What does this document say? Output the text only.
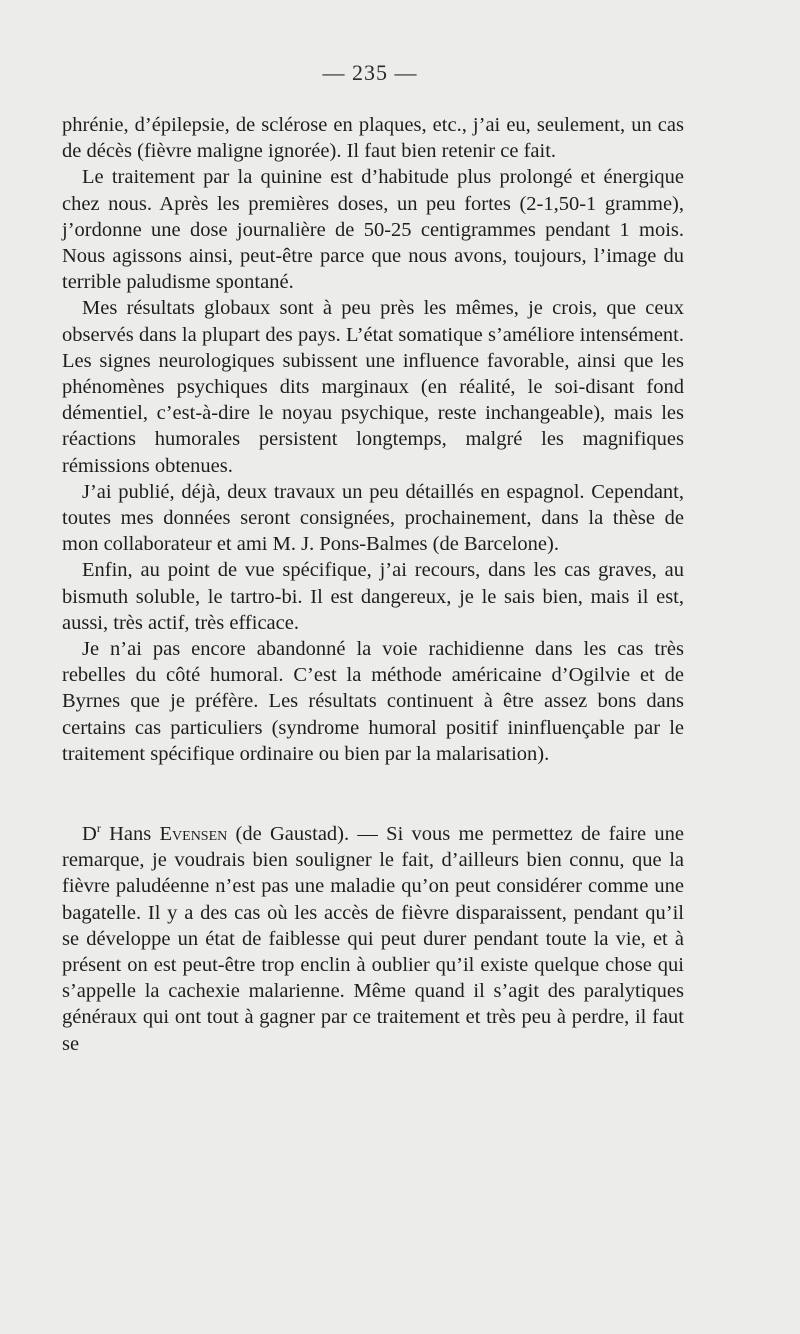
— 235 —

phrénie, d’épilepsie, de sclérose en plaques, etc., j’ai eu, seulement, un cas de décès (fièvre maligne ignorée). Il faut bien retenir ce fait.

Le traitement par la quinine est d’habitude plus prolongé et énergique chez nous. Après les premières doses, un peu fortes (2-1,50-1 gramme), j’ordonne une dose journalière de 50-25 centigrammes pendant 1 mois. Nous agissons ainsi, peut-être parce que nous avons, toujours, l’image du terrible paludisme spontané.

Mes résultats globaux sont à peu près les mêmes, je crois, que ceux observés dans la plupart des pays. L’état somatique s’améliore intensément. Les signes neurologiques subissent une influence favorable, ainsi que les phénomènes psychiques dits marginaux (en réalité, le soi-disant fond démentiel, c’est-à-dire le noyau psychique, reste inchangeable), mais les réactions humorales persistent longtemps, malgré les magnifiques rémissions obtenues.

J’ai publié, déjà, deux travaux un peu détaillés en espagnol. Cependant, toutes mes données seront consignées, prochainement, dans la thèse de mon collaborateur et ami M. J. Pons-Balmes (de Barcelone).

Enfin, au point de vue spécifique, j’ai recours, dans les cas graves, au bismuth soluble, le tartro-bi. Il est dangereux, je le sais bien, mais il est, aussi, très actif, très efficace.

Je n’ai pas encore abandonné la voie rachidienne dans les cas très rebelles du côté humoral. C’est la méthode américaine d’Ogilvie et de Byrnes que je préfère. Les résultats continuent à être assez bons dans certains cas particuliers (syndrome humoral positif ininfluençable par le traitement spécifique ordinaire ou bien par la malarisation).

$D^r$ Hans Evensen (de Gaustad). — Si vous me permettez de faire une remarque, je voudrais bien souligner le fait, d’ailleurs bien connu, que la fièvre paludéenne n’est pas une maladie qu’on peut considérer comme une bagatelle. Il y a des cas où les accès de fièvre disparaissent, pendant qu’il se développe un état de faiblesse qui peut durer pendant toute la vie, et à présent on est peut-être trop enclin à oublier qu’il existe quelque chose qui s’appelle la cachexie malarienne. Même quand il s’agit des paralytiques généraux qui ont tout à gagner par ce traitement et très peu à perdre, il faut se
